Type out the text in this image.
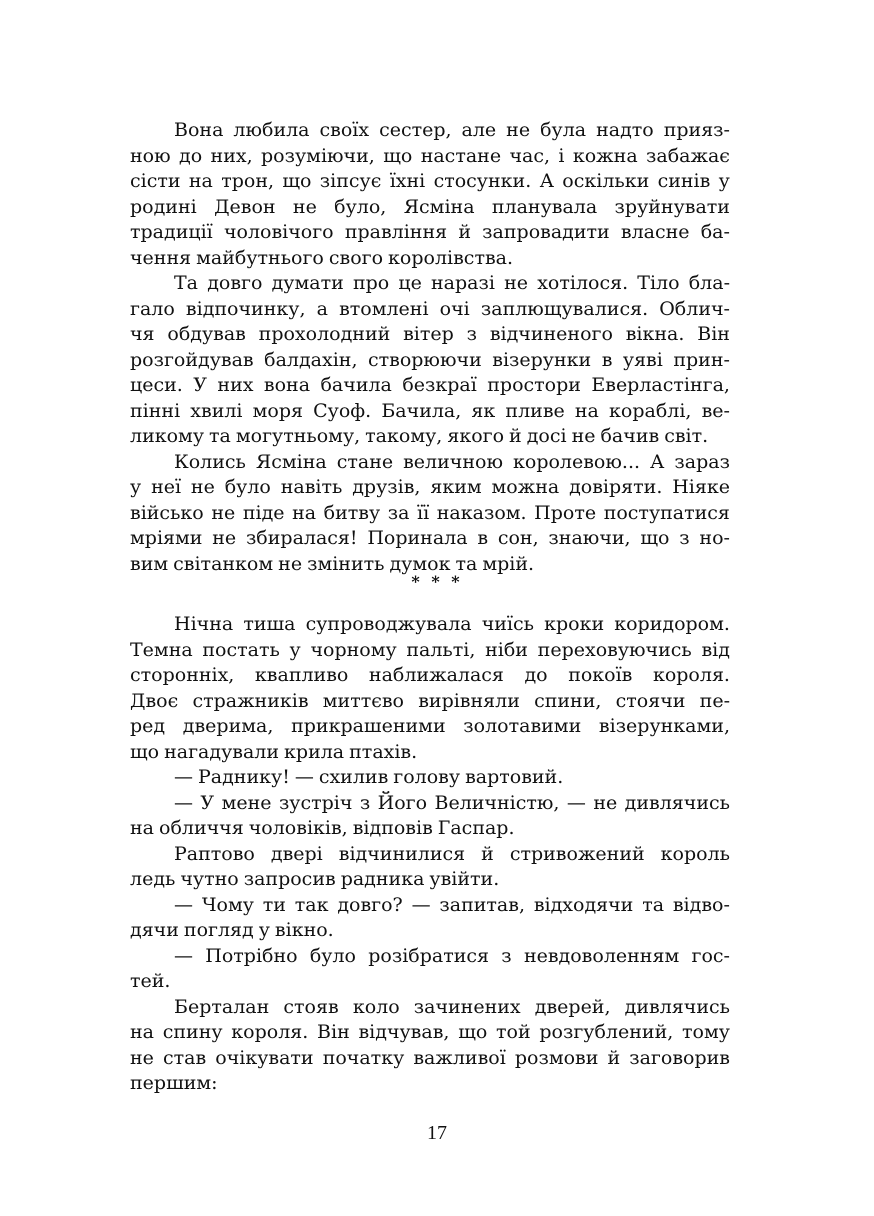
Вона любила своїх сестер, але не була надто прияз‑
ною до них, розуміючи, що настане час, і кожна забажає
сісти на трон, що зіпсує їхні стосунки. А оскільки синів у
родині Девон не було, Ясміна планувала зруйнувати
традиції чоловічого правління й запровадити власне ба‑
чення майбутнього свого королівства.
Та довго думати про це наразі не хотілося. Тіло бла‑
гало відпочинку, а втомлені очі заплющувалися. Облич‑
чя обдував прохолодний вітер з відчиненого вікна. Він
розгойдував балдахін, створюючи візерунки в уяві прин‑
цеси. У них вона бачила безкраї простори Еверластінга,
пінні хвилі моря Суоф. Бачила, як пливе на кораблі, ве‑
ликому та могутньому, такому, якого й досі не бачив світ.
Колись Ясміна стане величною королевою... А зараз
у неї не було навіть друзів, яким можна довіряти. Ніяке
військо не піде на битву за її наказом. Проте поступатися
мріями не збиралася! Поринала в сон, знаючи, що з но‑
вим світанком не змінить думок та мрій.
* * *
Нічна тиша супроводжувала чиїсь кроки коридором.
Темна постать у чорному пальті, ніби переховуючись від
сторонніх, квапливо наближалася до покоїв короля.
Двоє стражників миттєво вирівняли спини, стоячи пе‑
ред дверима, прикрашеними золотавими візерунками,
що нагадували крила птахів.
— Раднику! — схилив голову вартовий.
— У мене зустріч з Його Величністю, — не дивлячись
на обличчя чоловіків, відповів Гаспар.
Раптово двері відчинилися й стривожений король
ледь чутно запросив радника увійти.
— Чому ти так довго? — запитав, відходячи та відво‑
дячи погляд у вікно.
— Потрібно було розібратися з невдоволенням гос‑
тей.
Берталан стояв коло зачинених дверей, дивлячись
на спину короля. Він відчував, що той розгублений, тому
не став очікувати початку важливої розмови й заговорив
першим:
17
